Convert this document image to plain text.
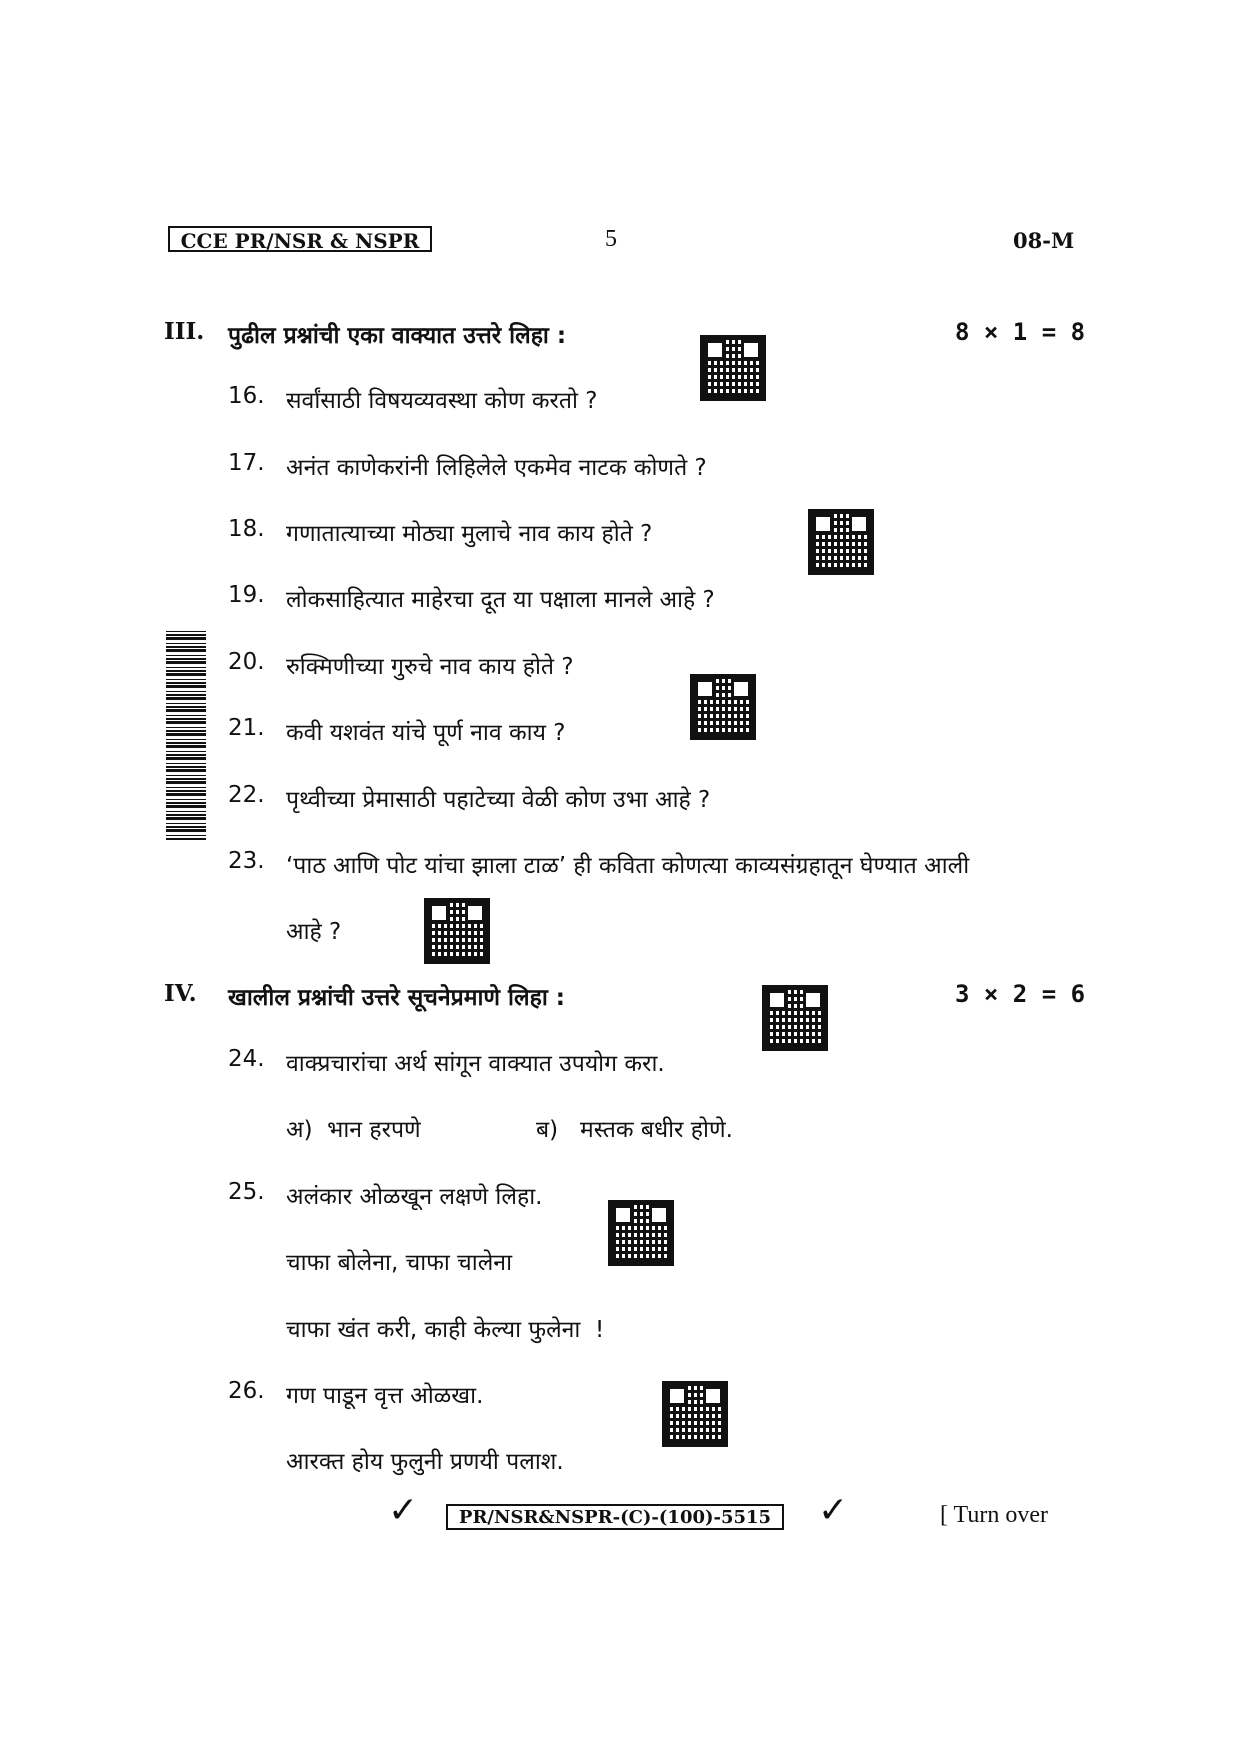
CCE PR/NSR & NSPR	5	08-M
III. पुढील प्रश्नांची एका वाक्यात उत्तरे लिहा :	8 × 1 = 8
16. सर्वांसाठी विषयव्यवस्था कोण करतो ?
17. अनंत काणेकरांनी लिहिलेले एकमेव नाटक कोणते ?
18. गणातात्याच्या मोठ्या मुलाचे नाव काय होते ?
19. लोकसाहित्यात माहेरचा दूत या पक्षाला मानले आहे ?
20. रुक्मिणीच्या गुरुचे नाव काय होते ?
21. कवी यशवंत यांचे पूर्ण नाव काय ?
22. पृथ्वीच्या प्रेमासाठी पहाटेच्या वेळी कोण उभा आहे ?
23. ‘पाठ आणि पोट यांचा झाला टाळ’ ही कविता कोणत्या काव्यसंग्रहातून घेण्यात आली
आहे ?
IV. खालील प्रश्नांची उत्तरे सूचनेप्रमाणे लिहा :	3 × 2 = 6
24. वाक्प्रचारांचा अर्थ सांगून वाक्यात उपयोग करा.
अ)  भान हरपणे	ब)   मस्तक बधीर होणे.
25. अलंकार ओळखून लक्षणे लिहा.
चाफा बोलेना, चाफा चालेना
चाफा खंत करी, काही केल्या फुलेना  !
26. गण पाडून वृत्त ओळखा.
आरक्त होय फुलुनी प्रणयी पलाश.
✓	PR/NSR&NSPR-(C)-(100)-5515	✓	[ Turn over
